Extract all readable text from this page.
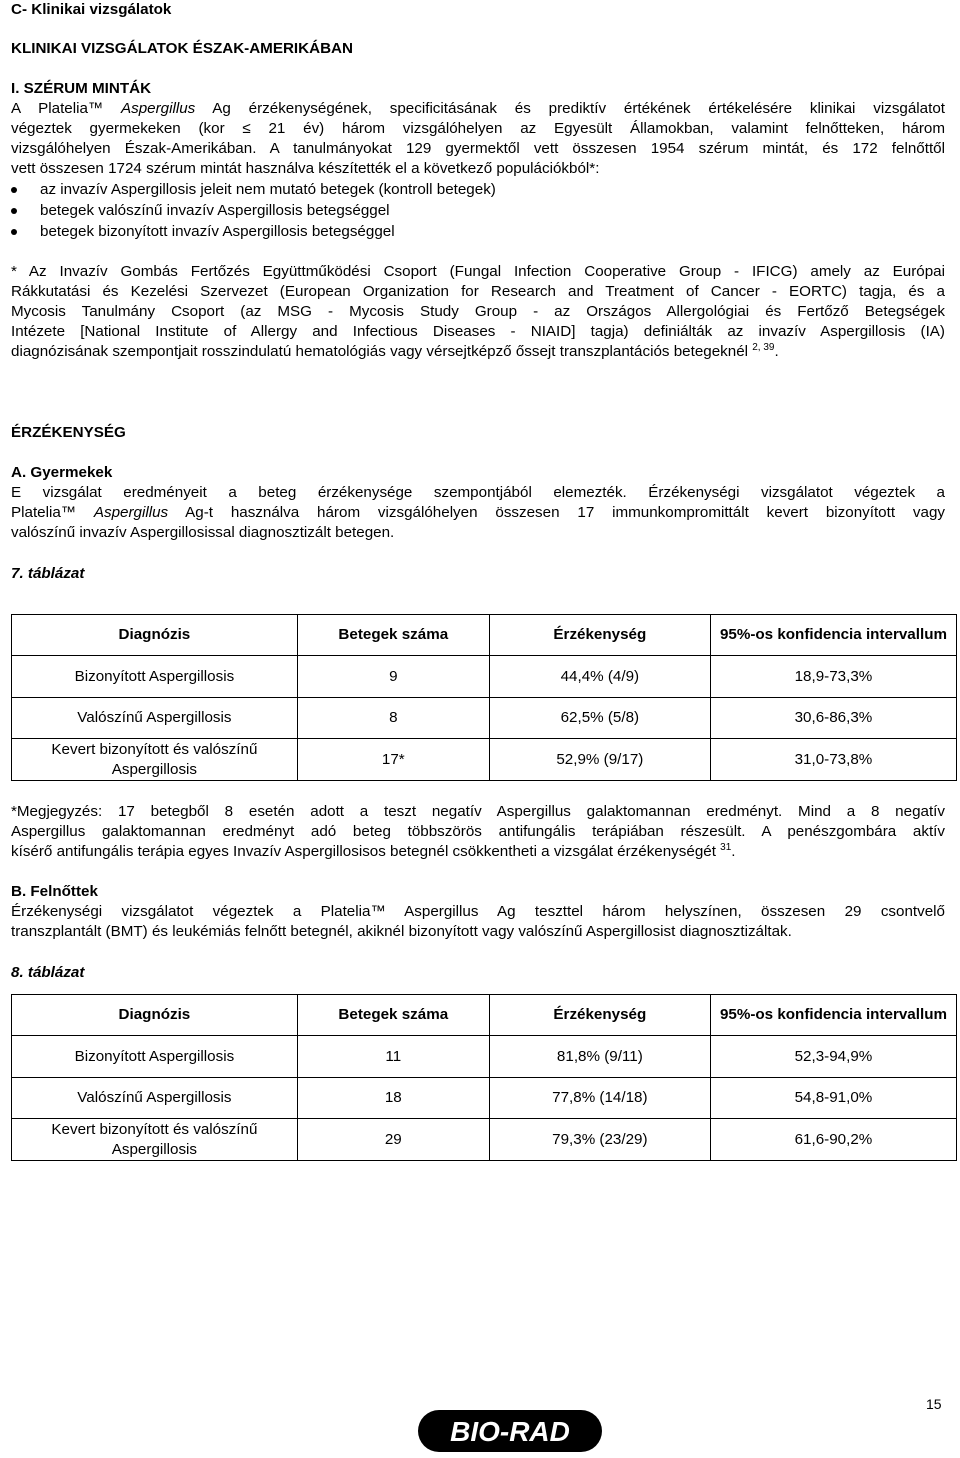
C- Klinikai vizsgálatok
KLINIKAI VIZSGÁLATOK ÉSZAK-AMERIKÁBAN
I. SZÉRUM MINTÁK
A Platelia™ Aspergillus Ag érzékenységének, specificitásának és prediktív értékének értékelésére klinikai vizsgálatot
végeztek gyermekeken (kor ≤ 21 év) három vizsgálóhelyen az Egyesült Államokban, valamint felnőtteken, három
vizsgálóhelyen Észak-Amerikában. A tanulmányokat 129 gyermektől vett összesen 1954 szérum mintát, és 172 felnőttől
vett összesen 1724 szérum mintát használva készítették el a következő populációkból*:
az invazív Aspergillosis jeleit nem mutató betegek (kontroll betegek)
betegek valószínű invazív Aspergillosis betegséggel
betegek bizonyított invazív Aspergillosis betegséggel
* Az Invazív Gombás Fertőzés Együttműködési Csoport (Fungal Infection Cooperative Group - IFICG) amely az Európai
Rákkutatási és Kezelési Szervezet (European Organization for Research and Treatment of Cancer - EORTC) tagja, és a
Mycosis Tanulmány Csoport (az MSG - Mycosis Study Group - az Országos Allergológiai és Fertőző Betegségek
Intézete [National Institute of Allergy and Infectious Diseases - NIAID] tagja) definiálták az invazív Aspergillosis (IA)
diagnózisának szempontjait rosszindulatú hematológiás vagy vérsejtképző őssejt transzplantációs betegeknél $^{2, 39}$.
ÉRZÉKENYSÉG
A. Gyermekek
E vizsgálat eredményeit a beteg érzékenysége szempontjából elemezték. Érzékenységi vizsgálatot végeztek a
Platelia™ Aspergillus Ag-t használva három vizsgálóhelyen összesen 17 immunkompromittált kevert bizonyított vagy
valószínű invazív Aspergillosissal diagnosztizált betegen.
7. táblázat
Diagnózis	Betegek száma	Érzékenység	95%-os konfidencia intervallum
Bizonyított Aspergillosis	9	44,4% (4/9)	18,9-73,3%
Valószínű Aspergillosis	8	62,5% (5/8)	30,6-86,3%
Kevert bizonyított és valószínű Aspergillosis	17*	52,9% (9/17)	31,0-73,8%
*Megjegyzés: 17 betegből 8 esetén adott a teszt negatív Aspergillus galaktomannan eredményt. Mind a 8 negatív
Aspergillus galaktomannan eredményt adó beteg többszörös antifungális terápiában részesült. A penészgombára aktív
kísérő antifungális terápia egyes Invazív Aspergillosisos betegnél csökkentheti a vizsgálat érzékenységét $^{31}$.
B. Felnőttek
Érzékenységi vizsgálatot végeztek a Platelia™ Aspergillus Ag teszttel három helyszínen, összesen 29 csontvelő
transzplantált (BMT) és leukémiás felnőtt betegnél, akiknél bizonyított vagy valószínű Aspergillosist diagnosztizáltak.
8. táblázat
Diagnózis	Betegek száma	Érzékenység	95%-os konfidencia intervallum
Bizonyított Aspergillosis	11	81,8% (9/11)	52,3-94,9%
Valószínű Aspergillosis	18	77,8% (14/18)	54,8-91,0%
Kevert bizonyított és valószínű Aspergillosis	29	79,3% (23/29)	61,6-90,2%
15
BIO-RAD
